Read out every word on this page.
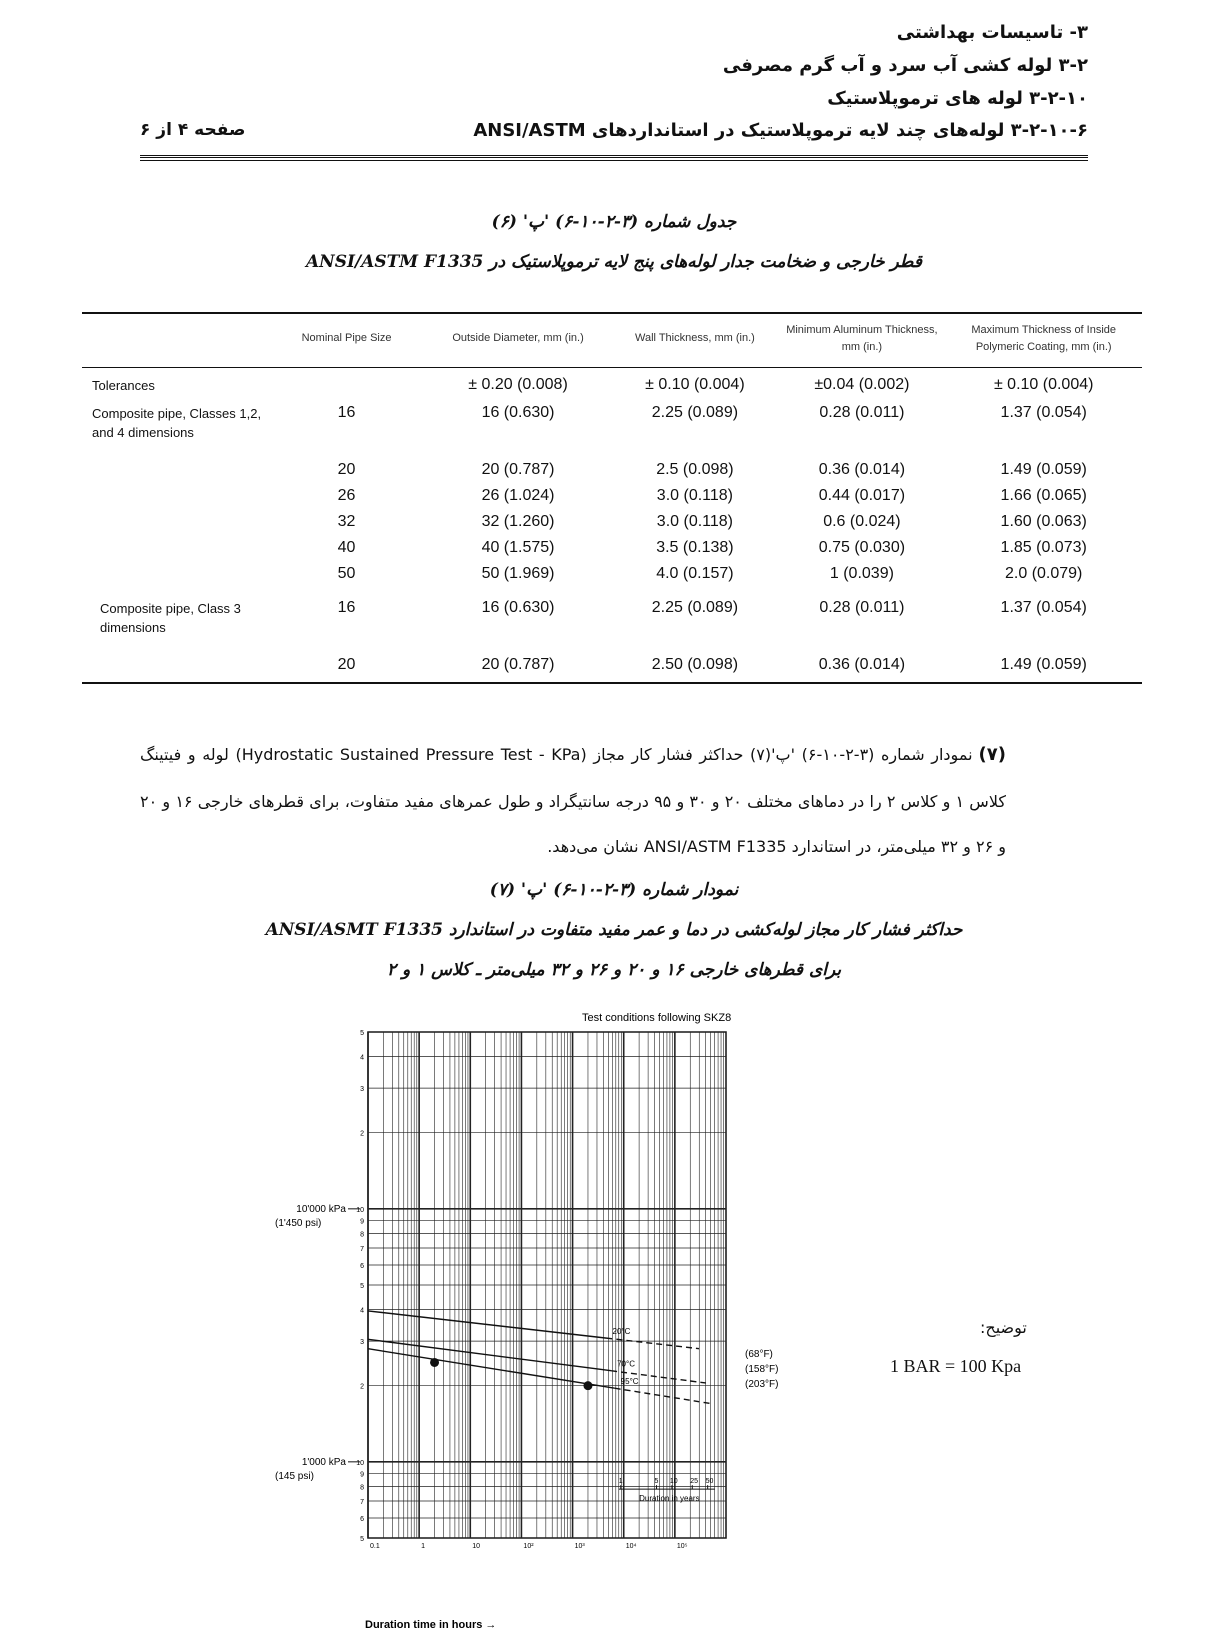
۳- تاسیسات بهداشتی
۳-۲ لوله کشی آب سرد و آب گرم مصرفی
۳-۲-۱۰ لوله های ترموپلاستیک
۳-۲-۱۰-۶ لوله‌های چند لایه ترموپلاستیک در استانداردهای ANSI/ASTM
صفحه ۴ از ۶
جدول شماره (۳-۲-۱۰-۶) 'پ' (۶)
قطر خارجی و ضخامت جدار لوله‌های پنج لایه ترموپلاستیک در ANSI/ASTM F1335
	Nominal Pipe Size	Outside Diameter, mm (in.)	Wall Thickness, mm (in.)	Minimum Aluminum Thickness, mm (in.)	Maximum Thickness of Inside Polymeric Coating, mm (in.)
Tolerances		± 0.20 (0.008)	± 0.10 (0.004)	±0.04 (0.002)	± 0.10 (0.004)
Composite pipe, Classes 1,2, and 4 dimensions	16	16 (0.630)	2.25 (0.089)	0.28 (0.011)	1.37 (0.054)
	20	20 (0.787)	2.5 (0.098)	0.36 (0.014)	1.49 (0.059)
	26	26 (1.024)	3.0 (0.118)	0.44 (0.017)	1.66 (0.065)
	32	32 (1.260)	3.0 (0.118)	0.6 (0.024)	1.60 (0.063)
	40	40 (1.575)	3.5 (0.138)	0.75 (0.030)	1.85 (0.073)
	50	50 (1.969)	4.0 (0.157)	1 (0.039)	2.0 (0.079)
Composite pipe, Class 3 dimensions	16	16 (0.630)	2.25 (0.089)	0.28 (0.011)	1.37 (0.054)
	20	20 (0.787)	2.50 (0.098)	0.36 (0.014)	1.49 (0.059)
(۷)نمودار شماره (۳-۲-۱۰-۶) 'پ'(۷) حداکثر فشار کار مجاز (Hydrostatic Sustained Pressure Test - KPa) لوله و فیتینگ کلاس ۱ و کلاس ۲ را در دماهای مختلف ۲۰ و ۳۰ و ۹۵ درجه سانتیگراد و طول عمرهای مفید متفاوت، برای قطرهای خارجی ۱۶ و ۲۰ و ۲۶ و ۳۲ میلی‌متر، در استاندارد ANSI/ASTM F1335 نشان می‌دهد.
نمودار شماره (۳-۲-۱۰-۶) 'پ' (۷)
حداکثر فشار کار مجاز لوله‌کشی در دما و عمر مفید متفاوت در استاندارد ANSI/ASMT F1335
برای قطرهای خارجی ۱۶ و ۲۰ و ۲۶ و ۳۲ میلی‌متر ـ کلاس ۱ و ۲
5
4
3
2
10
9
8
7
6
5
4
3
2
10
9
8
7
6
5
0.1	1	10	10²	10³	10⁴	10⁵
20°C
70°C
95°C
1	5 10 25 50
Duration in years
Test conditions following SKZ8
Duration time in hours →
10'000 kPa
(1'450 psi)
1'000 kPa
(145 psi)
(68°F)
(158°F)
(203°F)
توضیح:
1 BAR = 100 Kpa
